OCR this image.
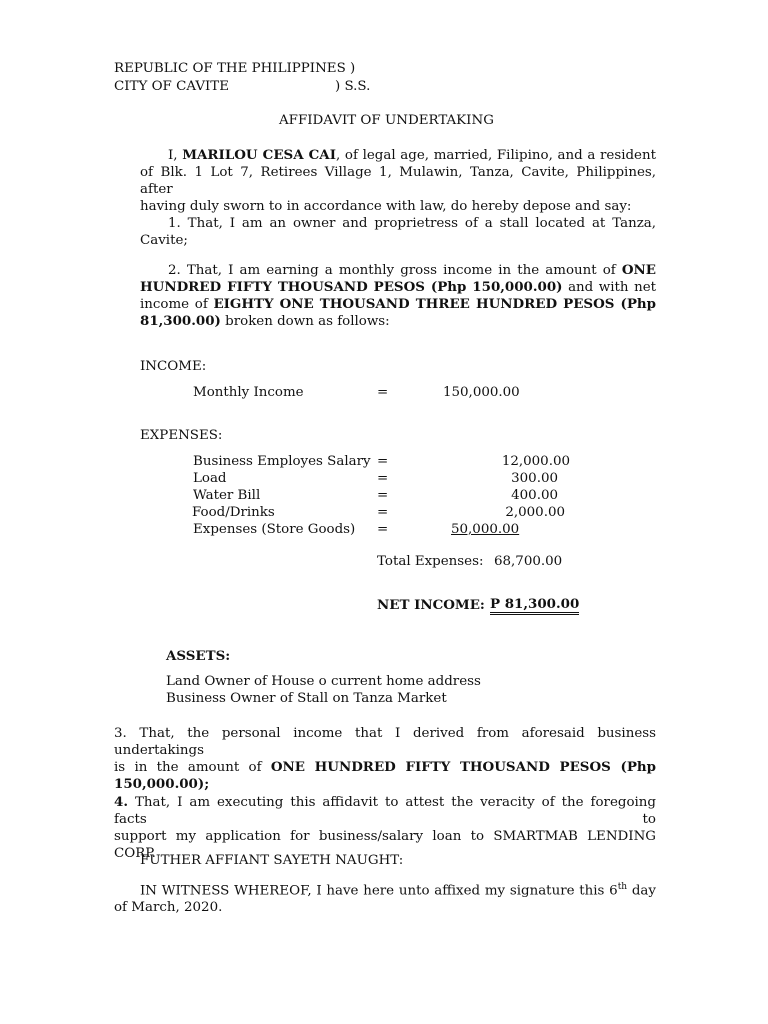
REPUBLIC OF THE PHILIPPINES )
CITY OF CAVITE	) S.S.
AFFIDAVIT OF UNDERTAKING
I, MARILOU CESA CAI, of legal age, married, Filipino, and a resident
of Blk. 1 Lot 7, Retirees Village 1, Mulawin, Tanza, Cavite, Philippines, after
having duly sworn to in accordance with law, do hereby depose and say:
1. That, I am an owner and proprietress of a stall located at Tanza,
Cavite;
2. That, I am earning a monthly gross income in the amount of ONE
HUNDRED FIFTY THOUSAND PESOS (Php 150,000.00) and with net
income of EIGHTY ONE THOUSAND THREE HUNDRED PESOS (Php
81,300.00) broken down as follows:
INCOME:
Monthly Income	=	150,000.00
EXPENSES:
Business Employes Salary =	12,000.00
Load	=	300.00
Water Bill	=	400.00
Food/Drinks	=	2,000.00
Expenses (Store Goods) =	50,000.00
Total Expenses: 68,700.00
NET INCOME: P 81,300.00
ASSETS:
Land Owner of House o current home address
Business Owner of Stall on Tanza Market
3. That, the personal income that I derived from aforesaid business undertakings
is in the amount of ONE HUNDRED FIFTY THOUSAND PESOS (Php
150,000.00);
4. That, I am executing this affidavit to attest the veracity of the foregoing facts to
support my application for business/salary loan to SMARTMAB LENDING
CORP.
FUTHER AFFIANT SAYETH NAUGHT:
IN WITNESS WHEREOF, I have here unto affixed my signature this 6th day
of March, 2020.
